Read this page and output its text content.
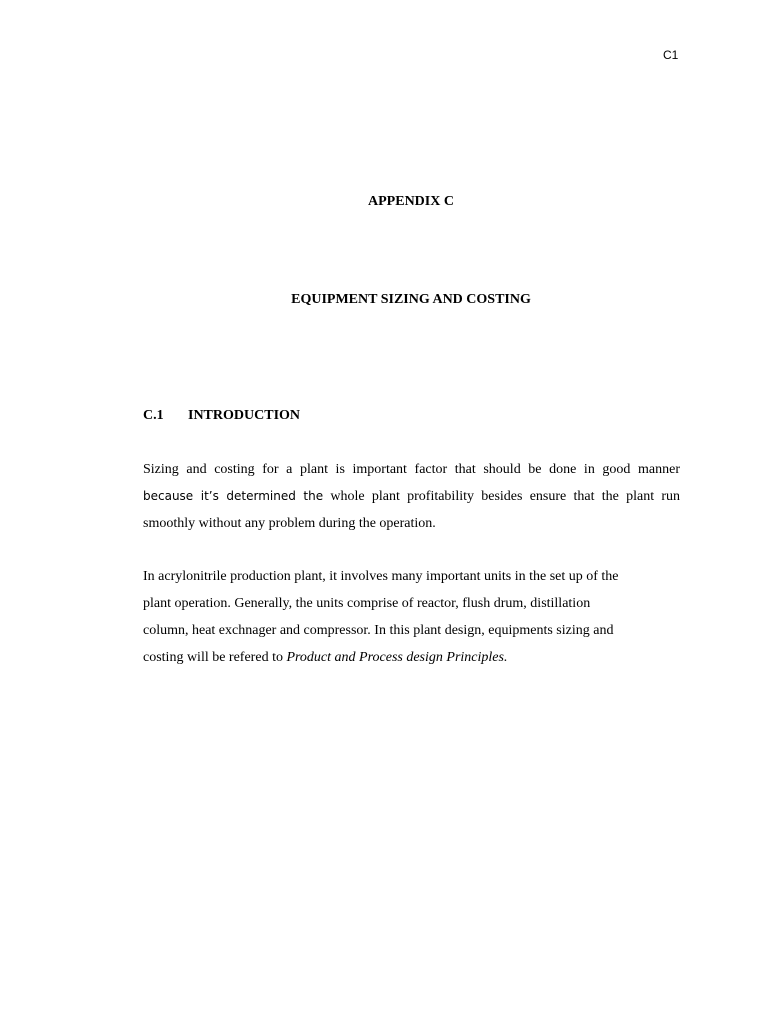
C1
APPENDIX C
EQUIPMENT SIZING AND COSTING
C.1 INTRODUCTION
Sizing and costing for a plant is important factor that should be done in good manner
because it’s determined the whole plant profitability besides ensure that the plant run
smoothly without any problem during the operation.
In acrylonitrile production plant, it involves many important units in the set up of the
plant operation. Generally, the units comprise of reactor, flush drum, distillation
column, heat exchnager and compressor. In this plant design, equipments sizing and
costing will be refered to Product and Process design Principles.
